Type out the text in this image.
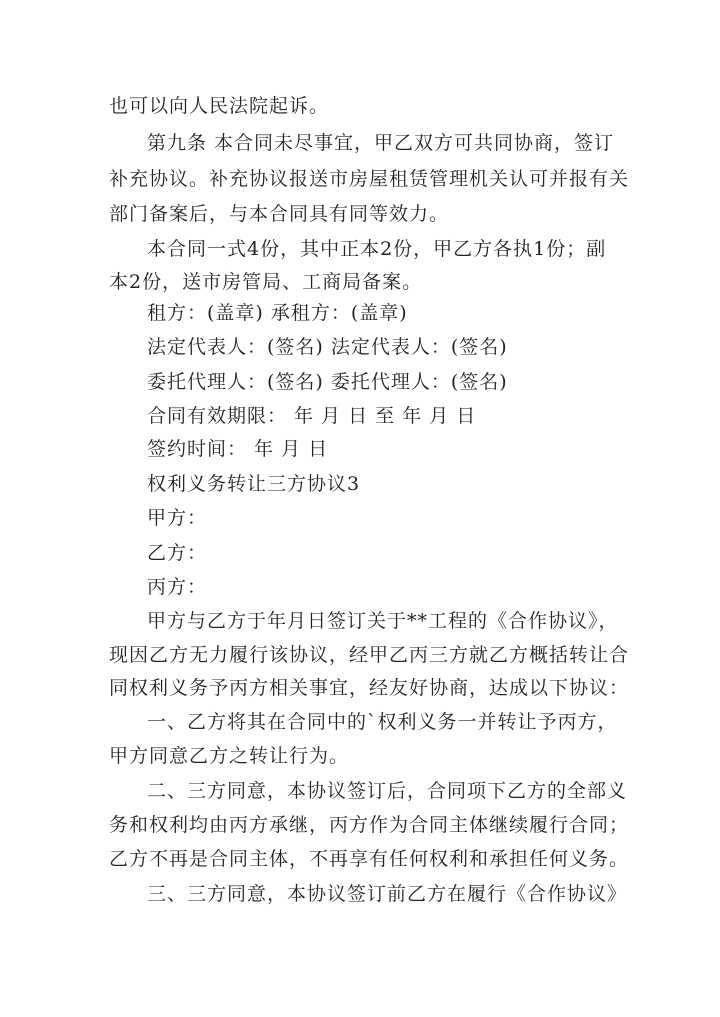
也可以向人民法院起诉。
第九条 本合同未尽事宜，甲乙双方可共同协商，签订
补充协议。补充协议报送市房屋租赁管理机关认可并报有关
部门备案后，与本合同具有同等效力。
本合同一式4份，其中正本2份，甲乙方各执1份；副
本2份，送市房管局、工商局备案。
租方：(盖章) 承租方：(盖章)
法定代表人：(签名) 法定代表人：(签名)
委托代理人：(签名) 委托代理人：(签名)
合同有效期限： 年 月 日 至 年 月 日
签约时间： 年 月 日
权利义务转让三方协议3
甲方：
乙方：
丙方：
甲方与乙方于年月日签订关于**工程的《合作协议》，
现因乙方无力履行该协议，经甲乙丙三方就乙方概括转让合
同权利义务予丙方相关事宜，经友好协商，达成以下协议：
一、乙方将其在合同中的`权利义务一并转让予丙方，
甲方同意乙方之转让行为。
二、三方同意，本协议签订后，合同项下乙方的全部义
务和权利均由丙方承继，丙方作为合同主体继续履行合同；
乙方不再是合同主体，不再享有任何权利和承担任何义务。
三、三方同意，本协议签订前乙方在履行《合作协议》
